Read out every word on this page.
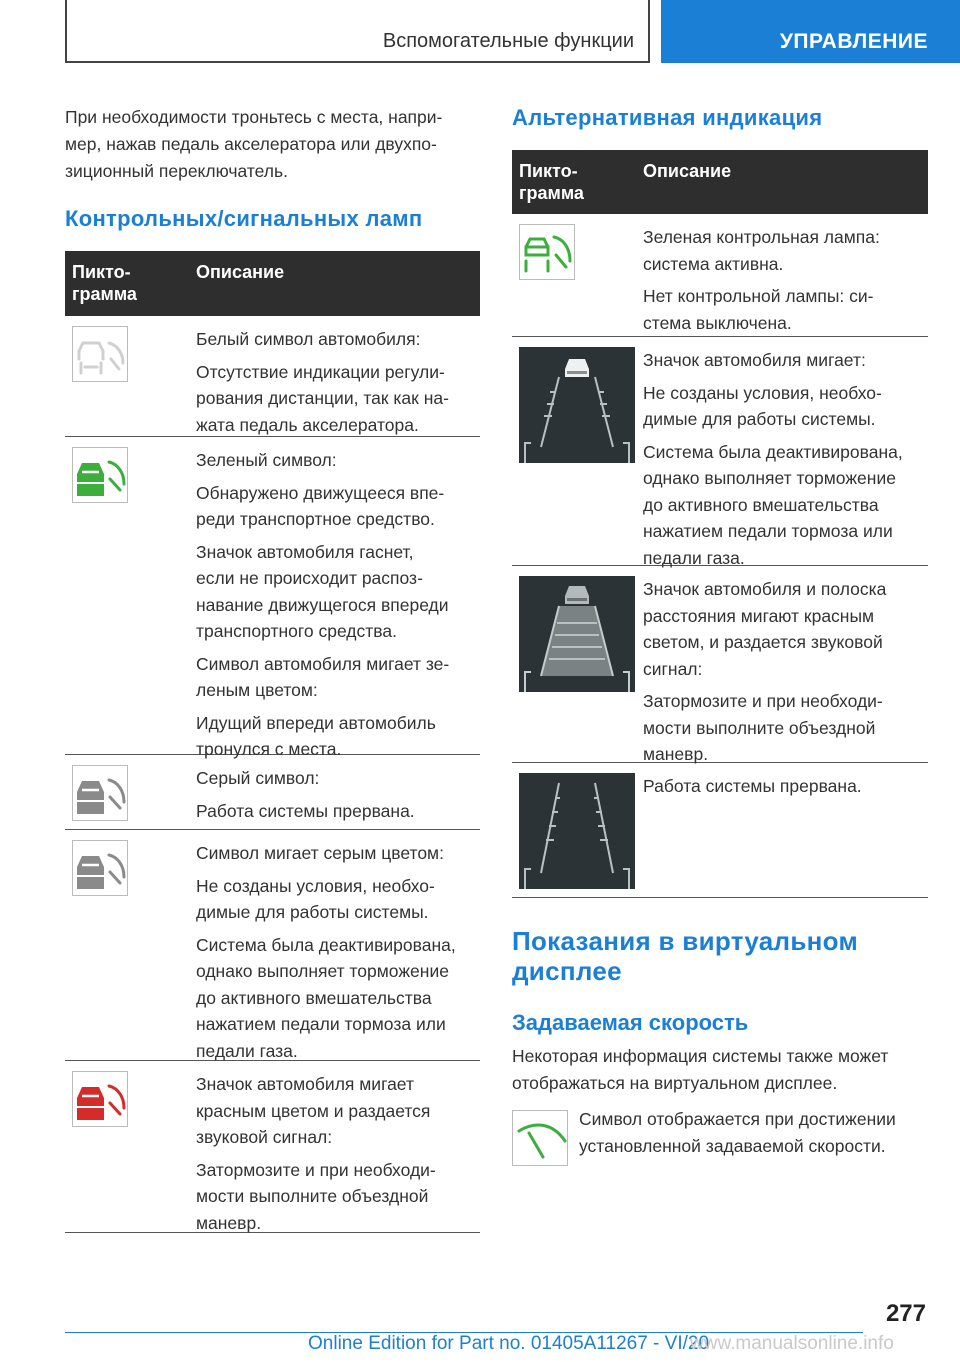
Вспомогательные функции	УПРАВЛЕНИЕ
При необходимости троньтесь с места, напри-
мер, нажав педаль акселератора или двухпо-
зиционный переключатель.
Контрольных/сигнальных ламп
Пикто-
грамма
Описание

Белый символ автомобиля:

Отсутствие индикации регули-

рования дистанции, так как на-

жата педаль акселератора.

Зеленый символ:

Обнаружено движущееся впе-

реди транспортное средство.

Значок автомобиля гаснет,

если не происходит распоз-

навание движущегося впереди

транспортного средства.

Символ автомобиля мигает зе-

леным цветом:

Идущий впереди автомобиль

тронулся с места.

Серый символ:

Работа системы прервана.

Символ мигает серым цветом:

Не созданы условия, необхо-

димые для работы системы.

Система была деактивирована,

однако выполняет торможение

до активного вмешательства

нажатием педали тормоза или

педали газа.

Значок автомобиля мигает

красным цветом и раздается

звуковой сигнал:

Затормозите и при необходи-

мости выполните объездной

маневр.

Альтернативная индикация
Пикто-
грамма
Описание

Зеленая контрольная лампа:

система активна.

Нет контрольной лампы: си-

стема выключена.

Значок автомобиля мигает:

Не созданы условия, необхо-

димые для работы системы.

Система была деактивирована,

однако выполняет торможение

до активного вмешательства

нажатием педали тормоза или

педали газа.

Значок автомобиля и полоска

расстояния мигают красным

светом, и раздается звуковой

сигнал:

Затормозите и при необходи-

мости выполните объездной

маневр.

Работа системы прервана.

Показания в виртуальном
дисплее
Задаваемая скорость
Некоторая информация системы также может
отображаться на виртуальном дисплее.
Символ отображается при достижении
установленной задаваемой скорости.
277
Online Edition for Part no. 01405A11267 - VI/20
www.manualsonline.info
